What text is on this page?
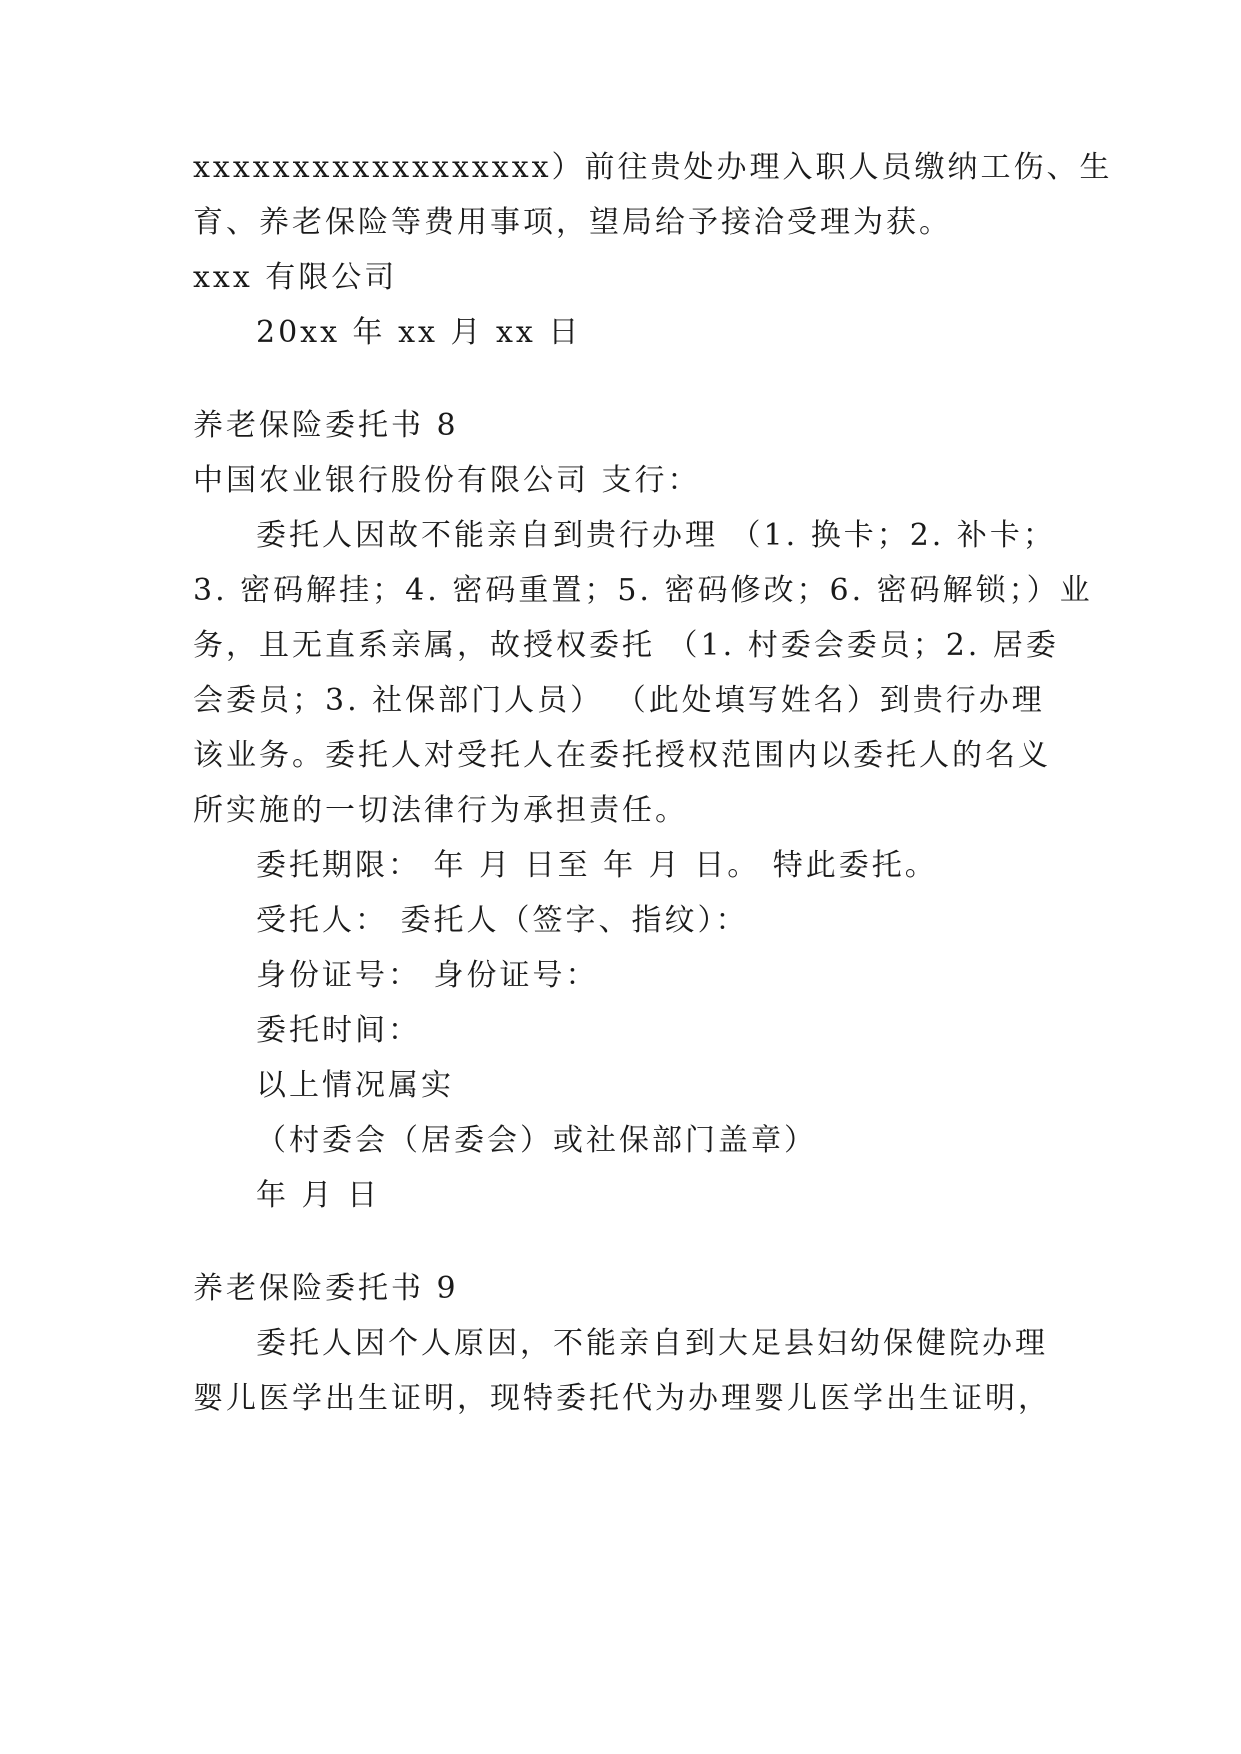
xxxxxxxxxxxxxxxxxx）前往贵处办理入职人员缴纳工伤、生
育、养老保险等费用事项，望局给予接洽受理为获。
xxx 有限公司
20xx 年 xx 月 xx 日
养老保险委托书 8
中国农业银行股份有限公司 支行：
委托人因故不能亲自到贵行办理 （1. 换卡；2. 补卡；
3. 密码解挂；4. 密码重置；5. 密码修改；6. 密码解锁；）业
务，且无直系亲属，故授权委托 （1. 村委会委员；2. 居委
会委员；3. 社保部门人员） （此处填写姓名）到贵行办理
该业务。委托人对受托人在委托授权范围内以委托人的名义
所实施的一切法律行为承担责任。
委托期限： 年 月 日至 年 月 日。 特此委托。
受托人： 委托人（签字、指纹）：
身份证号： 身份证号：
委托时间：
以上情况属实
（村委会（居委会）或社保部门盖章）
年 月 日
养老保险委托书 9
委托人因个人原因，不能亲自到大足县妇幼保健院办理
婴儿医学出生证明，现特委托代为办理婴儿医学出生证明，
